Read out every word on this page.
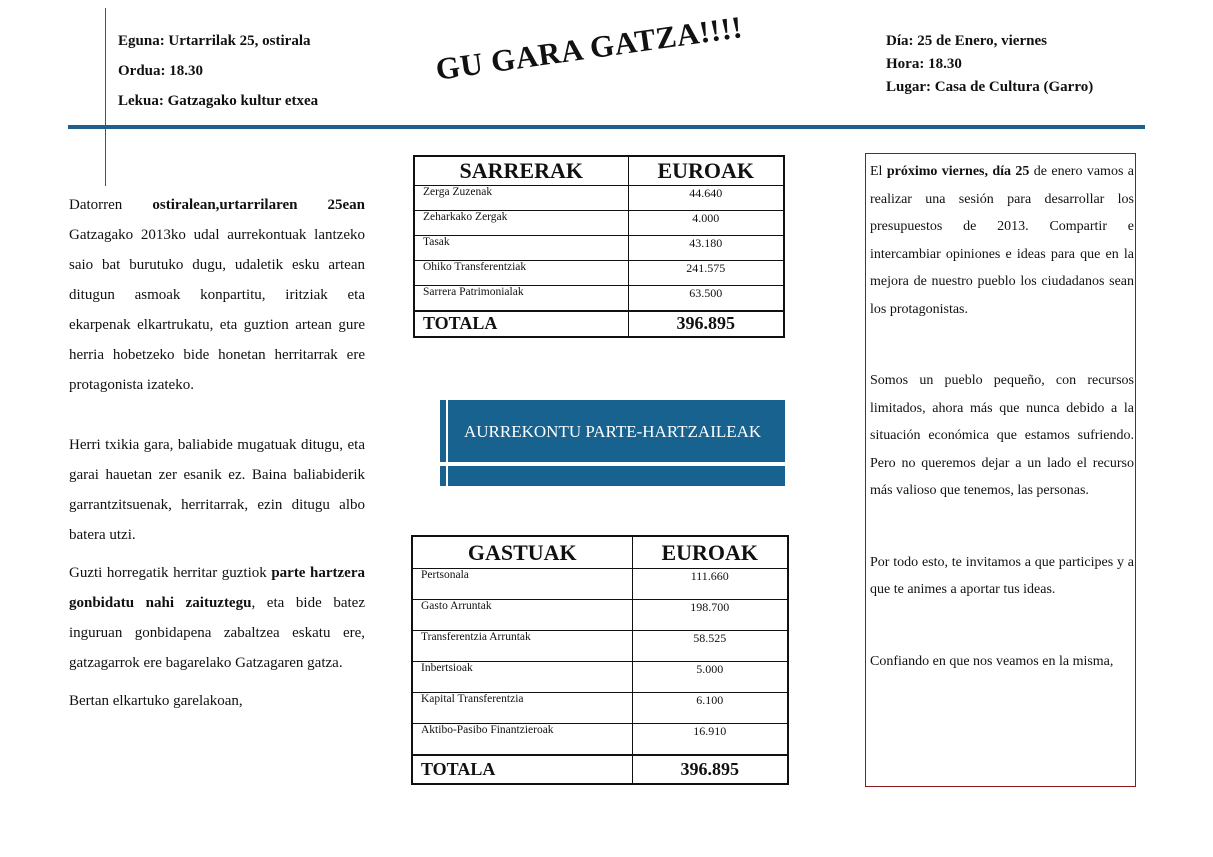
Eguna: Urtarrilak 25, ostirala
Ordua: 18.30
Lekua: Gatzagako kultur etxea
GU GARA GATZA!!!!	Día: 25 de Enero, viernes
Hora: 18.30
Lugar: Casa de Cultura (Garro)

Datorren ostiralean,urtarrilaren 25ean Gatzagako 2013ko udal aurrekontuak lantzeko saio bat burutuko dugu, udaletik esku artean ditugun asmoak konpartitu, iritziak eta ekarpenak elkartrukatu, eta guztion artean gure herria hobetzeko bide honetan herritarrak ere protagonista izateko.

Herri txikia gara, baliabide mugatuak ditugu, eta garai hauetan zer esanik ez. Baina baliabiderik garrantzitsuenak, herritarrak, ezin ditugu albo batera utzi.

Guzti horregatik herritar guztiok parte hartzera gonbidatu nahi zaituztegu, eta bide batez inguruan gonbidapena zabaltzea eskatu ere, gatzagarrok ere bagarelako Gatzagaren gatza.

Bertan elkartuko garelakoan,

SARRERAK	EUROAK
Zerga Zuzenak	44.640
Zeharkako Zergak	4.000
Tasak	43.180
Ohiko Transferentziak	241.575
Sarrera Patrimonialak	63.500
TOTALA	396.895
AURREKONTU PARTE-HARTZAILEAK
GASTUAK	EUROAK
Pertsonala	111.660
Gasto Arruntak	198.700
Transferentzia Arruntak	58.525
Inbertsioak	5.000
Kapital Transferentzia	6.100
Aktibo-Pasibo Finantzieroak	16.910
TOTALA	396.895

El próximo viernes, día 25 de enero vamos a realizar una sesión para desarrollar los presupuestos de 2013. Compartir e intercambiar opiniones e ideas para que en la mejora de nuestro pueblo los ciudadanos sean los protagonistas.

Somos un pueblo pequeño, con recursos limitados, ahora más que nunca debido a la situación económica que estamos sufriendo. Pero no queremos dejar a un lado el recurso más valioso que tenemos, las personas.

Por todo esto, te invitamos a que participes y a que te animes a aportar tus ideas.

Confiando en que nos veamos en la misma,
